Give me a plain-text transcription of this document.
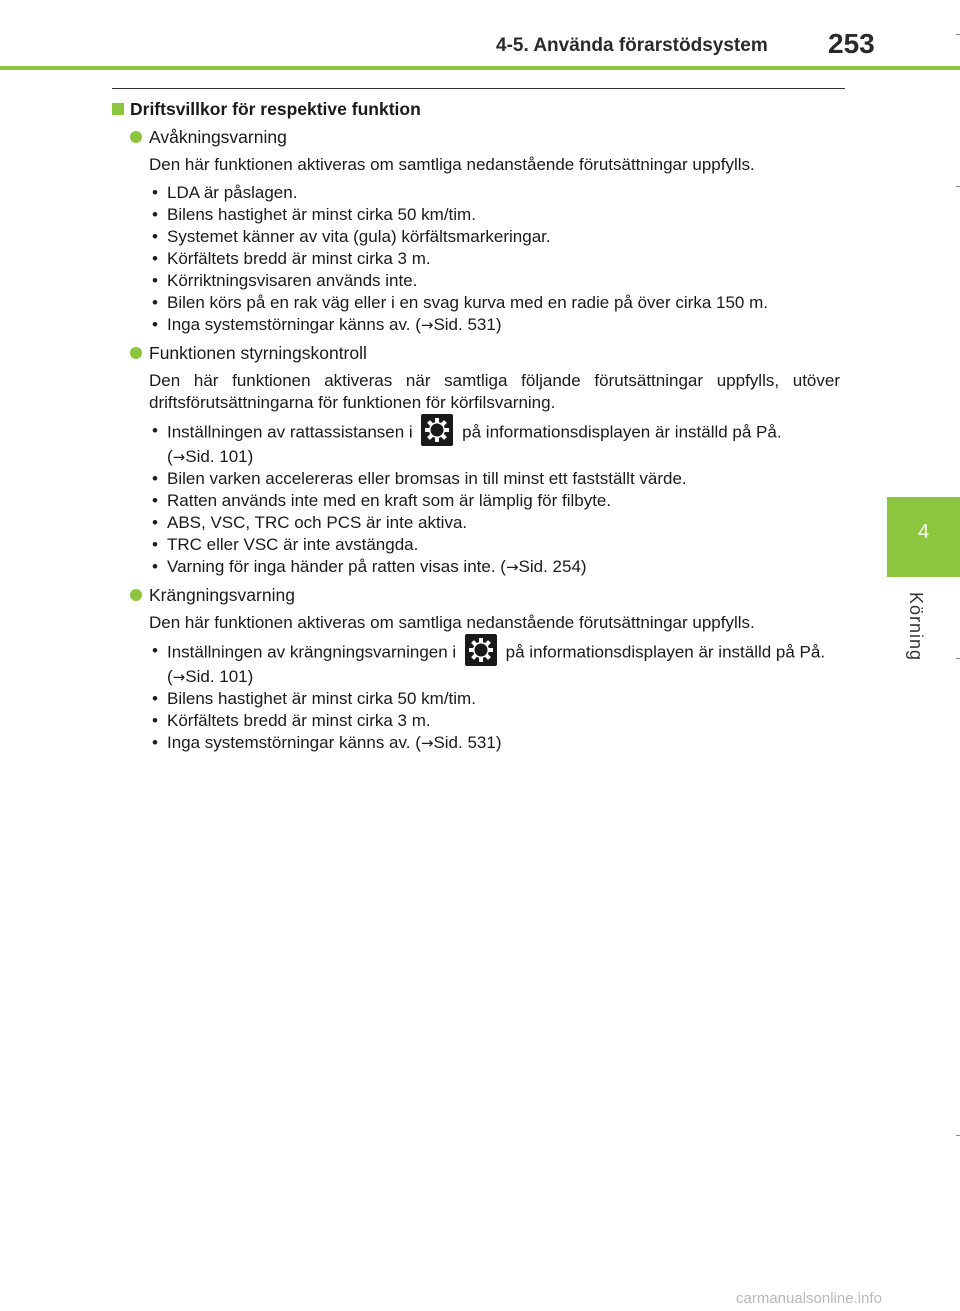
4-5. Använda förarstödsystem 253
4
Körning
Driftsvillkor för respektive funktion
Avåkningsvarning
Den här funktionen aktiveras om samtliga nedanstående förutsättningar uppfylls.
• LDA är påslagen.
• Bilens hastighet är minst cirka 50 km/tim.
• Systemet känner av vita (gula) körfältsmarkeringar.
• Körfältets bredd är minst cirka 3 m.
• Körriktningsvisaren används inte.
• Bilen körs på en rak väg eller i en svag kurva med en radie på över cirka 150 m.
• Inga systemstörningar känns av. (→Sid. 531)
Funktionen styrningskontroll
Den här funktionen aktiveras när samtliga följande förutsättningar uppfylls, utöver driftsförutsättningarna för funktionen för körfilsvarning.
• Inställningen av rattassistansen i	på informationsdisplayen är inställd på På.
(→Sid. 101)
• Bilen varken accelereras eller bromsas in till minst ett fastställt värde.
• Ratten används inte med en kraft som är lämplig för filbyte.
• ABS, VSC, TRC och PCS är inte aktiva.
• TRC eller VSC är inte avstängda.
• Varning för inga händer på ratten visas inte. (→Sid. 254)
Krängningsvarning
Den här funktionen aktiveras om samtliga nedanstående förutsättningar uppfylls.
• Inställningen av krängningsvarningen i	på informationsdisplayen är inställd på På.
(→Sid. 101)
• Bilens hastighet är minst cirka 50 km/tim.
• Körfältets bredd är minst cirka 3 m.
• Inga systemstörningar känns av. (→Sid. 531)
carmanualsonline.info
